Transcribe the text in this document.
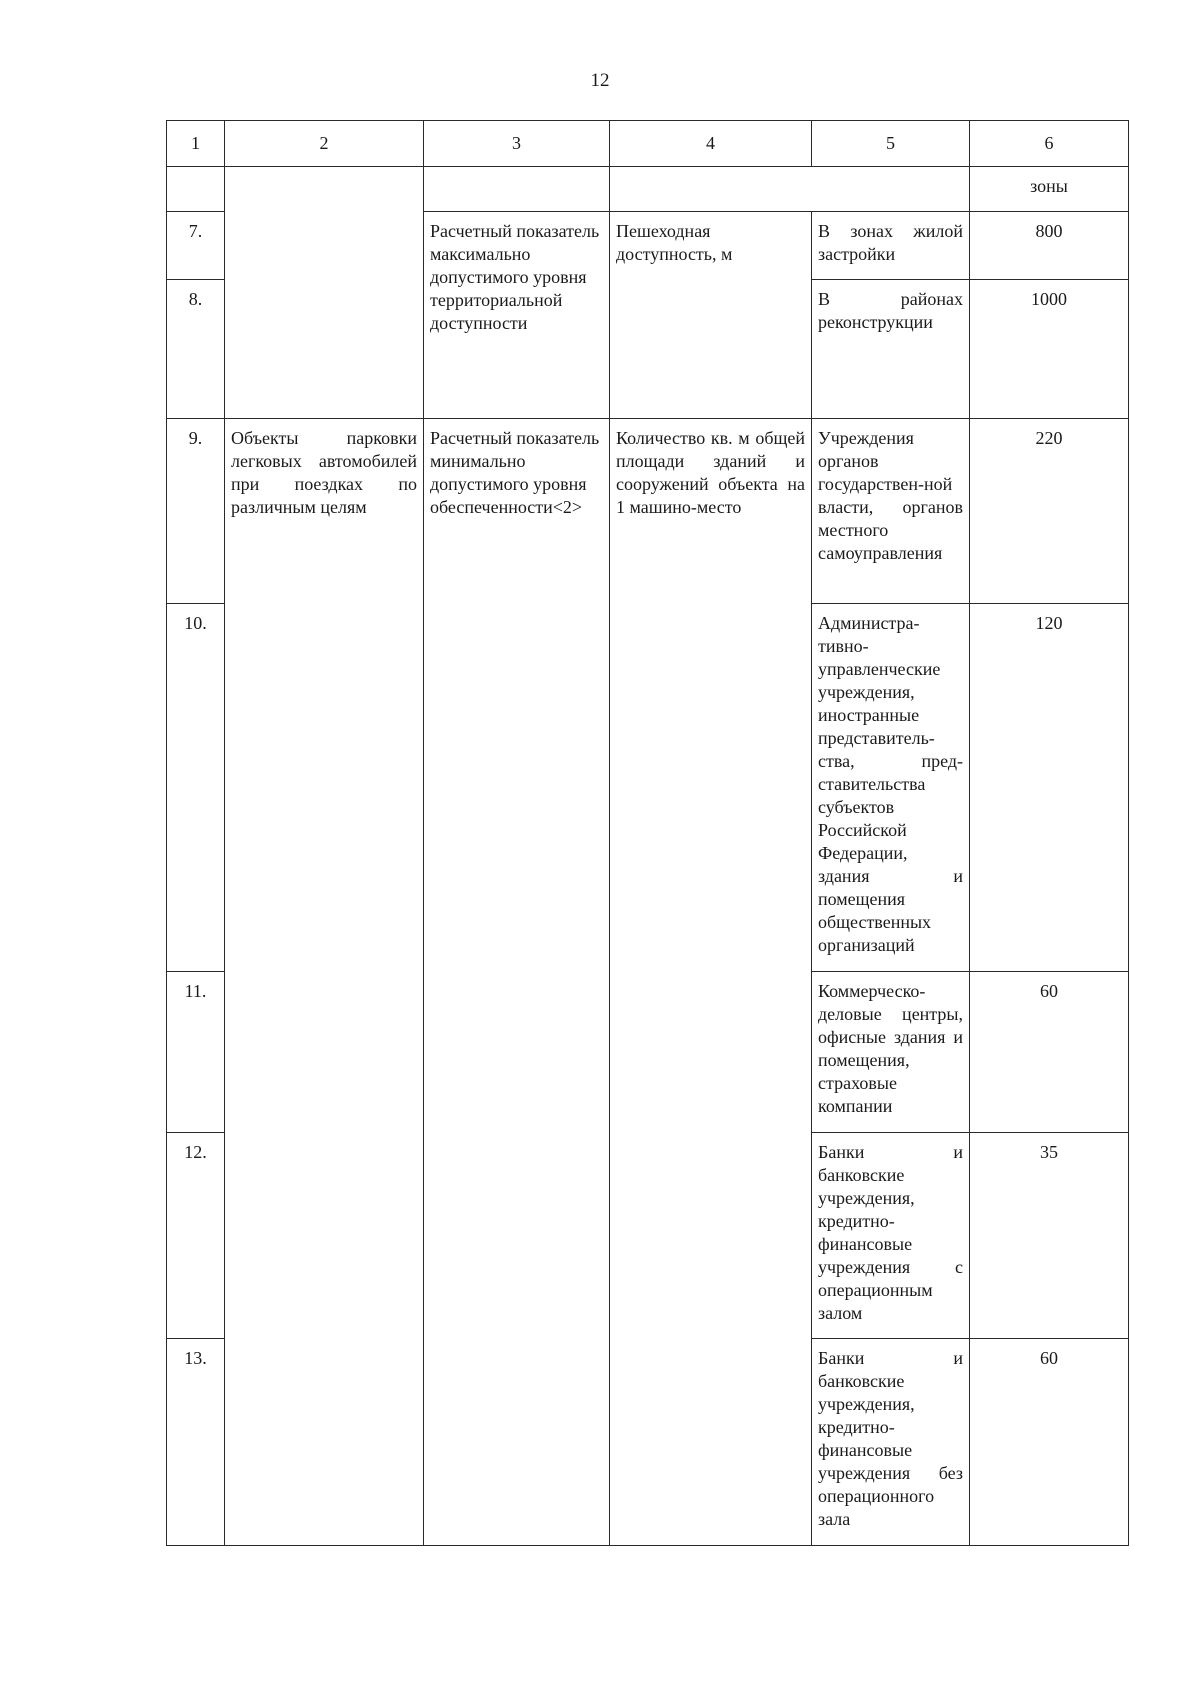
12
1	2	3	4	5	6
					зоны
7.		Расчетный показатель максимально допустимого уровня территориальной доступности	Пешеходная доступность, м	В зонах жилой застройки	800
8.				В районах реконструкции	1000
9.	Объекты парковки легковых автомобилей при поездках по различным целям	Расчетный показатель минимально допустимого уровня обеспеченности<2>	Количество кв. м общей площади зданий и сооружений объекта на 1 машино-место	Учреждения органов государствен-ной власти, органов местного самоуправления	220
10.				Администра-тивно-управленческие учреждения, иностранные представитель-ства, пред-ставительства субъектов Российской Федерации, здания и помещения общественных организаций	120
11.				Коммерческо-деловые центры, офисные здания и помещения, страховые компании	60
12.				Банки и банковские учреждения, кредитно-финансовые учреждения с операционным залом	35
13.				Банки и банковские учреждения, кредитно-финансовые учреждения без операционного зала	60
